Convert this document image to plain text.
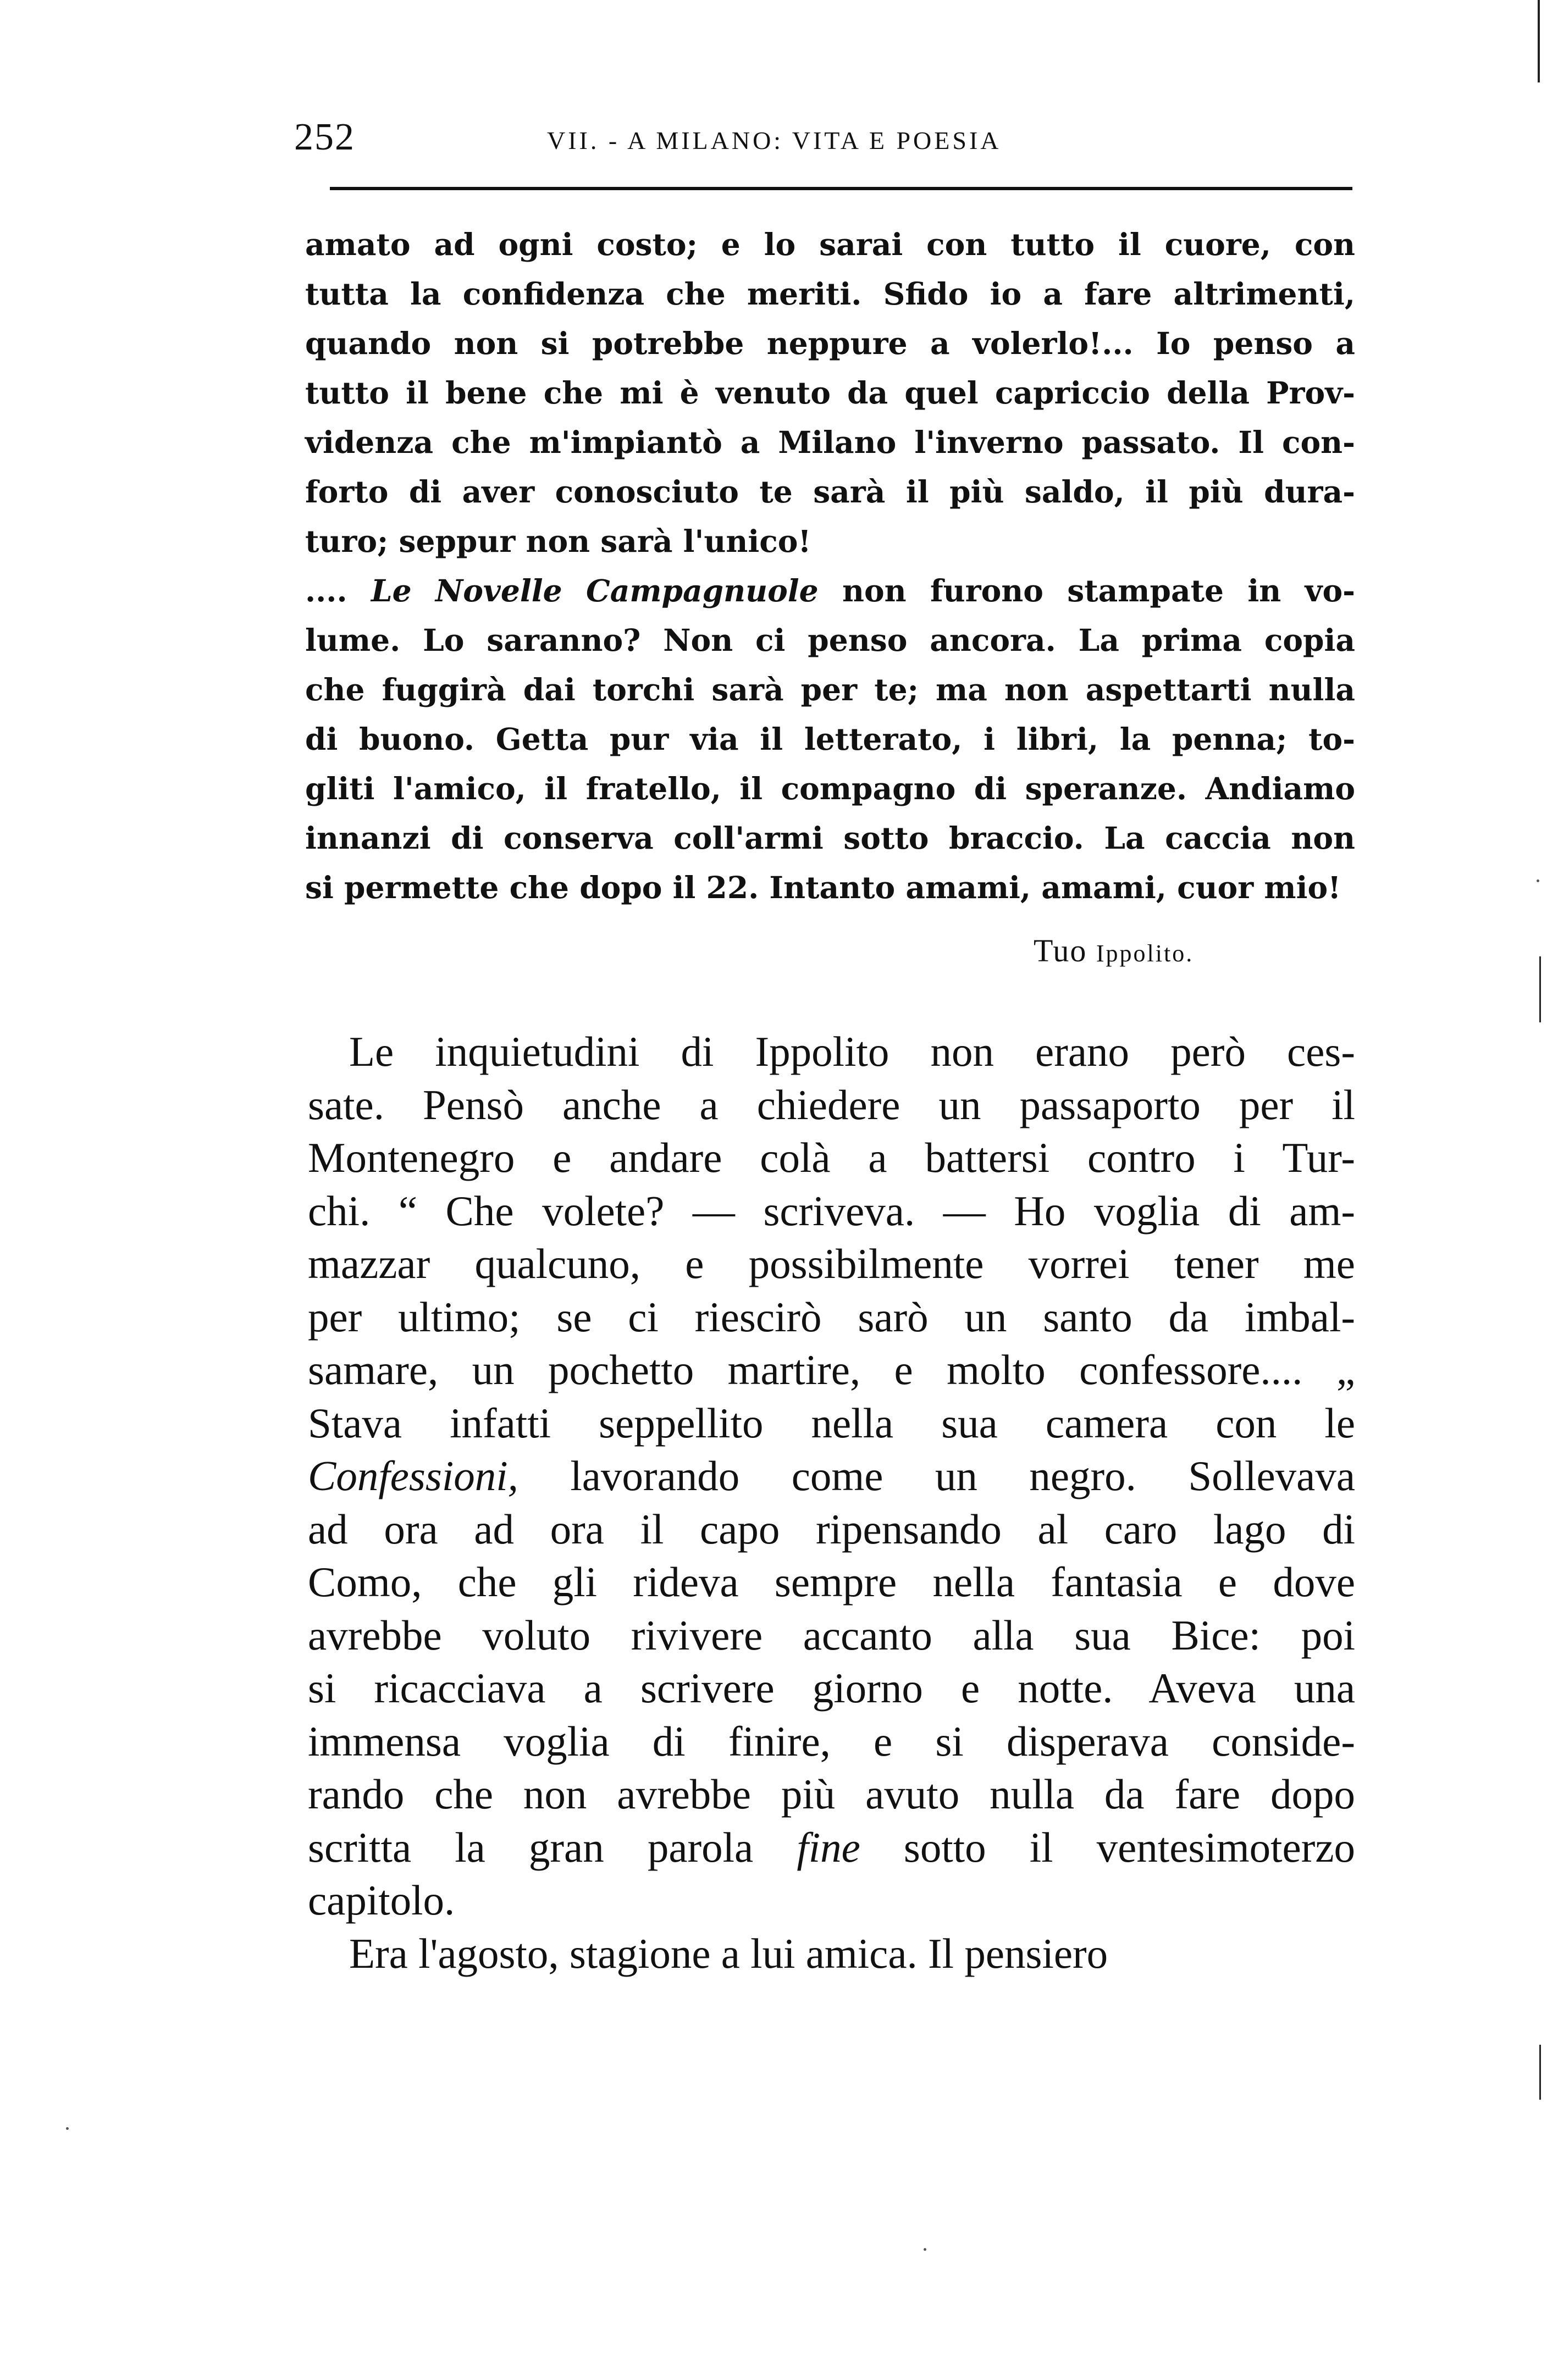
252	VII. - A MILANO: VITA E POESIA
amato ad ogni costo; e lo sarai con tutto il cuore, con
tutta la confidenza che meriti. Sfido io a fare altrimenti,
quando non si potrebbe neppure a volerlo!... Io penso a
tutto il bene che mi è venuto da quel capriccio della Prov-
videnza che m'impiantò a Milano l'inverno passato. Il con-
forto di aver conosciuto te sarà il più saldo, il più dura-
turo; seppur non sarà l'unico!
.... Le Novelle Campagnuole non furono stampate in vo-
lume. Lo saranno? Non ci penso ancora. La prima copia
che fuggirà dai torchi sarà per te; ma non aspettarti nulla
di buono. Getta pur via il letterato, i libri, la penna; to-
gliti l'amico, il fratello, il compagno di speranze. Andiamo
innanzi di conserva coll'armi sotto braccio. La caccia non
si permette che dopo il 22. Intanto amami, amami, cuor mio!
Tuo Ippolito.
Le inquietudini di Ippolito non erano però ces-
sate. Pensò anche a chiedere un passaporto per il
Montenegro e andare colà a battersi contro i Tur-
chi. “ Che volete? — scriveva. — Ho voglia di am-
mazzar qualcuno, e possibilmente vorrei tener me
per ultimo; se ci riescirò sarò un santo da imbal-
samare, un pochetto martire, e molto confessore.... „
Stava infatti seppellito nella sua camera con le
Confessioni, lavorando come un negro. Sollevava
ad ora ad ora il capo ripensando al caro lago di
Como, che gli rideva sempre nella fantasia e dove
avrebbe voluto rivivere accanto alla sua Bice: poi
si ricacciava a scrivere giorno e notte. Aveva una
immensa voglia di finire, e si disperava conside-
rando che non avrebbe più avuto nulla da fare dopo
scritta la gran parola fine sotto il ventesimoterzo
capitolo.
Era l'agosto, stagione a lui amica. Il pensiero
